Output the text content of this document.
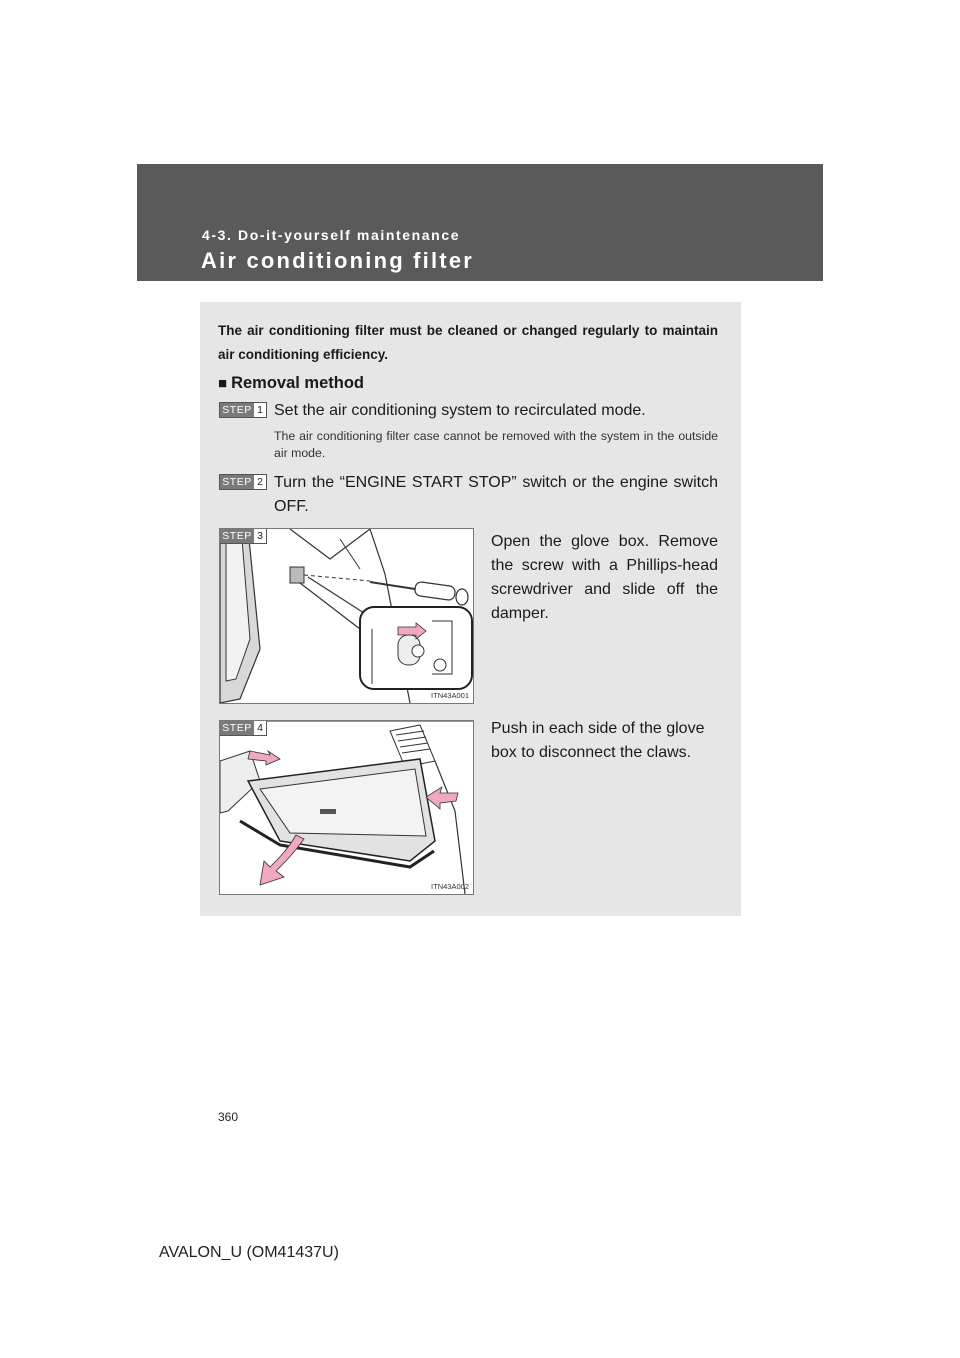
4-3. Do-it-yourself maintenance
Air conditioning filter
The air conditioning filter must be cleaned or changed regularly to maintain air conditioning efficiency.
■ Removal method
STEP 1 Set the air conditioning system to recirculated mode.
The air conditioning filter case cannot be removed with the system in the outside air mode.
STEP 2 Turn the “ENGINE START STOP” switch or the engine switch OFF.
STEP 3
ITN43A001
Open the glove box. Remove the screw with a Phillips-head screwdriver and slide off the damper.
STEP 4
ITN43A002
Push in each side of the glove box to disconnect the claws.
360
AVALON_U (OM41437U)
